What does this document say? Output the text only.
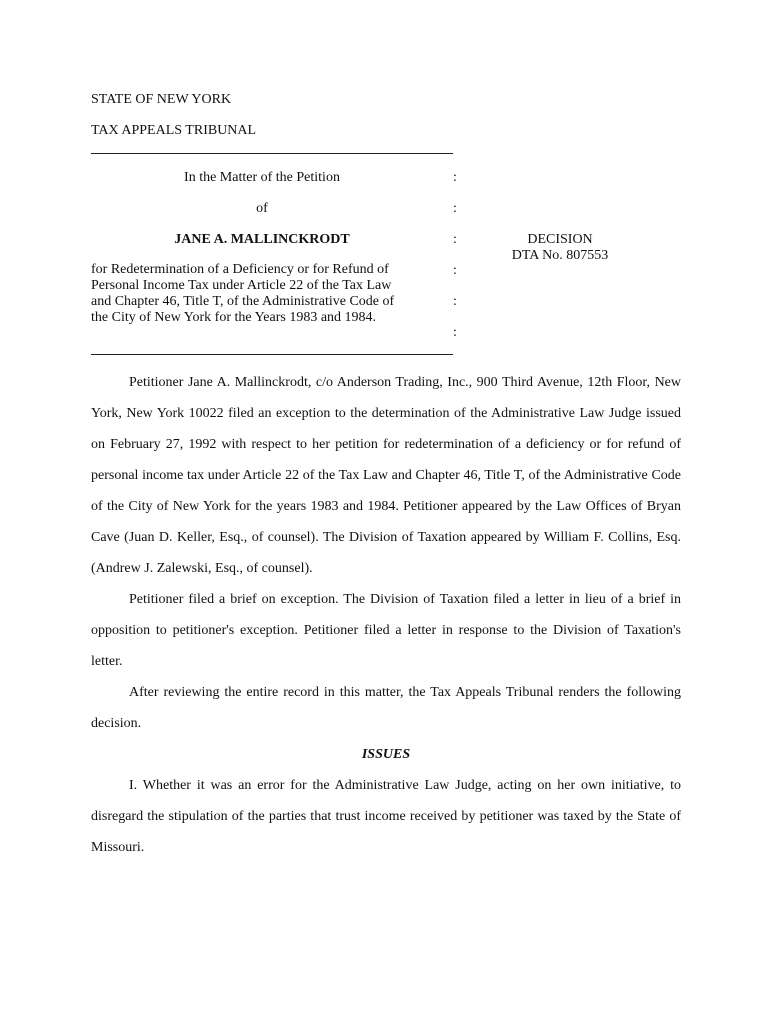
STATE OF NEW YORK
TAX APPEALS TRIBUNAL
In the Matter of the Petition
of
JANE A. MALLINCKRODT
for Redetermination of a Deficiency or for Refund of Personal Income Tax under Article 22 of the Tax Law and Chapter 46, Title T, of the Administrative Code of the City of New York for the Years 1983 and 1984.
:
:
:
:
:
:
DECISION
DTA No. 807553

Petitioner Jane A. Mallinckrodt, c/o Anderson Trading, Inc., 900 Third Avenue, 12th Floor, New York, New York 10022 filed an exception to the determination of the Administrative Law Judge issued on February 27, 1992 with respect to her petition for redetermination of a deficiency or for refund of personal income tax under Article 22 of the Tax Law and Chapter 46, Title T, of the Administrative Code of the City of New York for the years 1983 and 1984. Petitioner appeared by the Law Offices of Bryan Cave (Juan D. Keller, Esq., of counsel). The Division of Taxation appeared by William F. Collins, Esq. (Andrew J. Zalewski, Esq., of counsel).

Petitioner filed a brief on exception. The Division of Taxation filed a letter in lieu of a brief in opposition to petitioner's exception. Petitioner filed a letter in response to the Division of Taxation's letter.

After reviewing the entire record in this matter, the Tax Appeals Tribunal renders the following decision.

ISSUES

I. Whether it was an error for the Administrative Law Judge, acting on her own initiative, to disregard the stipulation of the parties that trust income received by petitioner was taxed by the State of Missouri.
